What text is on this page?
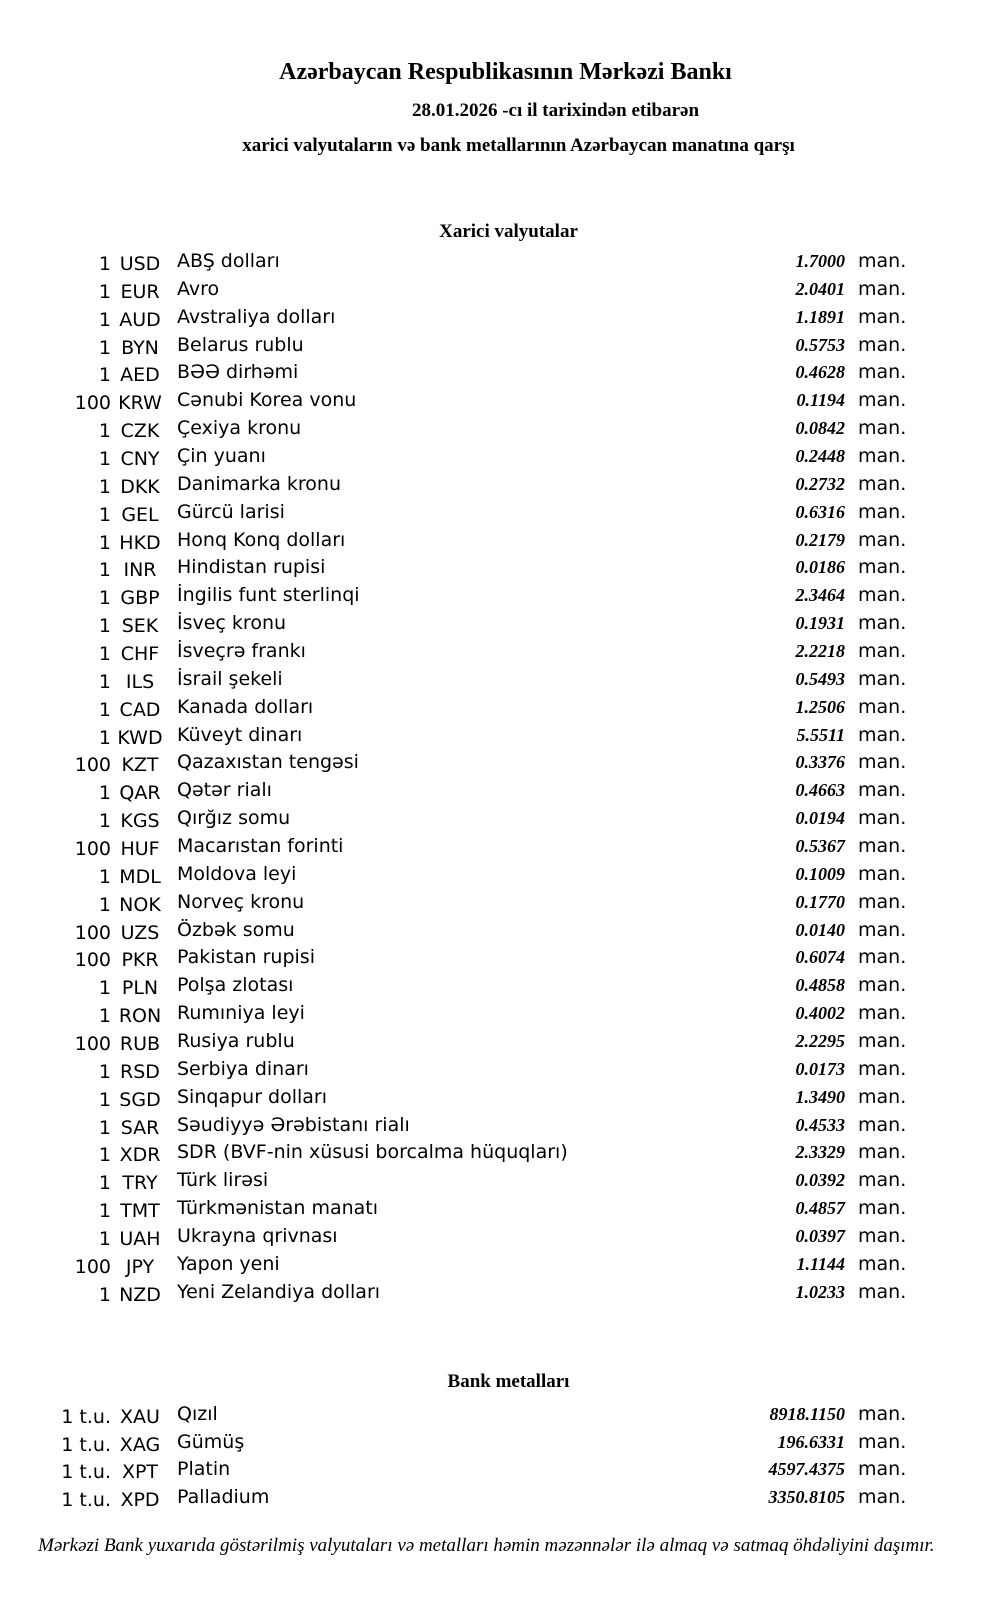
Azərbaycan Respublikasının Mərkəzi Bankı
28.01.2026 -cı il tarixindən etibarən
xarici valyutaların və bank metallarının Azərbaycan manatına qarşı
Xarici valyutalar
1 USD ABŞ dolları	1.7000 man.
1 EUR Avro	2.0401 man.
1 AUD Avstraliya dolları	1.1891 man.
1 BYN Belarus rublu	0.5753 man.
1 AED BƏƏ dirhəmi	0.4628 man.
100 KRW Cənubi Korea vonu	0.1194 man.
1 CZK Çexiya kronu	0.0842 man.
1 CNY Çin yuanı	0.2448 man.
1 DKK Danimarka kronu	0.2732 man.
1 GEL Gürcü larisi	0.6316 man.
1 HKD Honq Konq dolları	0.2179 man.
1 INR	Hindistan rupisi	0.0186 man.
1 GBP İngilis funt sterlinqi	2.3464 man.
1 SEK İsveç kronu	0.1931 man.
1 CHF İsveçrə frankı	2.2218 man.
1 ILS	İsrail şekeli	0.5493 man.
1 CAD Kanada dolları	1.2506 man.
1 KWD Küveyt dinarı	5.5511 man.
100 KZT Qazaxıstan tengəsi	0.3376 man.
1 QAR Qətər rialı	0.4663 man.
1 KGS Qırğız somu	0.0194 man.
100 HUF Macarıstan forinti	0.5367 man.
1 MDL Moldova leyi	0.1009 man.
1 NOK Norveç kronu	0.1770 man.
100 UZS Özbək somu	0.0140 man.
100 PKR Pakistan rupisi	0.6074 man.
1 PLN Polşa zlotası	0.4858 man.
1 RON Rumıniya leyi	0.4002 man.
100 RUB Rusiya rublu	2.2295 man.
1 RSD Serbiya dinarı	0.0173 man.
1 SGD Sinqapur dolları	1.3490 man.
1 SAR Səudiyyə Ərəbistanı rialı	0.4533 man.
1 XDR SDR (BVF-nin xüsusi borcalma hüquqları)	2.3329 man.
1 TRY	Türk lirəsi	0.0392 man.
1 TMT Türkmənistan manatı	0.4857 man.
1 UAH Ukrayna qrivnası	0.0397 man.
100 JPY	Yapon yeni	1.1144 man.
1 NZD Yeni Zelandiya dolları	1.0233 man.
Bank metalları
1 t.u. XAU Qızıl	8918.1150 man.
1 t.u. XAG Gümüş	196.6331 man.
1 t.u. XPT Platin	4597.4375 man.
1 t.u. XPD Palladium	3350.8105 man.
Mərkəzi Bank yuxarıda göstərilmiş valyutaları və metalları həmin məzənnələr ilə almaq və satmaq öhdəliyini daşımır.
